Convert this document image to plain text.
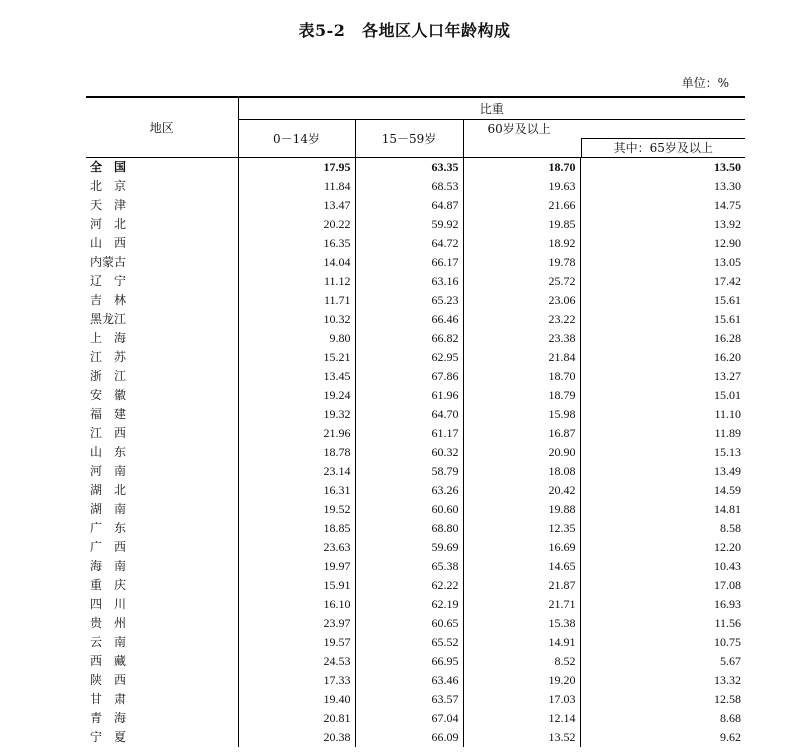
表5-2　各地区人口年龄构成
单位：%
地区	比重			
	0－14岁	15－59岁	60岁及以上
其中：65岁及以上	

全　国	17.95	63.35	18.70	13.50
北　京	11.84	68.53	19.63	13.30
天　津	13.47	64.87	21.66	14.75
河　北	20.22	59.92	19.85	13.92
山　西	16.35	64.72	18.92	12.90
内蒙古	14.04	66.17	19.78	13.05
辽　宁	11.12	63.16	25.72	17.42
吉　林	11.71	65.23	23.06	15.61
黑龙江	10.32	66.46	23.22	15.61
上　海	9.80	66.82	23.38	16.28
江　苏	15.21	62.95	21.84	16.20
浙　江	13.45	67.86	18.70	13.27
安　徽	19.24	61.96	18.79	15.01
福　建	19.32	64.70	15.98	11.10
江　西	21.96	61.17	16.87	11.89
山　东	18.78	60.32	20.90	15.13
河　南	23.14	58.79	18.08	13.49
湖　北	16.31	63.26	20.42	14.59
湖　南	19.52	60.60	19.88	14.81
广　东	18.85	68.80	12.35	8.58
广　西	23.63	59.69	16.69	12.20
海　南	19.97	65.38	14.65	10.43
重　庆	15.91	62.22	21.87	17.08
四　川	16.10	62.19	21.71	16.93
贵　州	23.97	60.65	15.38	11.56
云　南	19.57	65.52	14.91	10.75
西　藏	24.53	66.95	8.52	5.67
陕　西	17.33	63.46	19.20	13.32
甘　肃	19.40	63.57	17.03	12.58
青　海	20.81	67.04	12.14	8.68
宁　夏	20.38	66.09	13.52	9.62
